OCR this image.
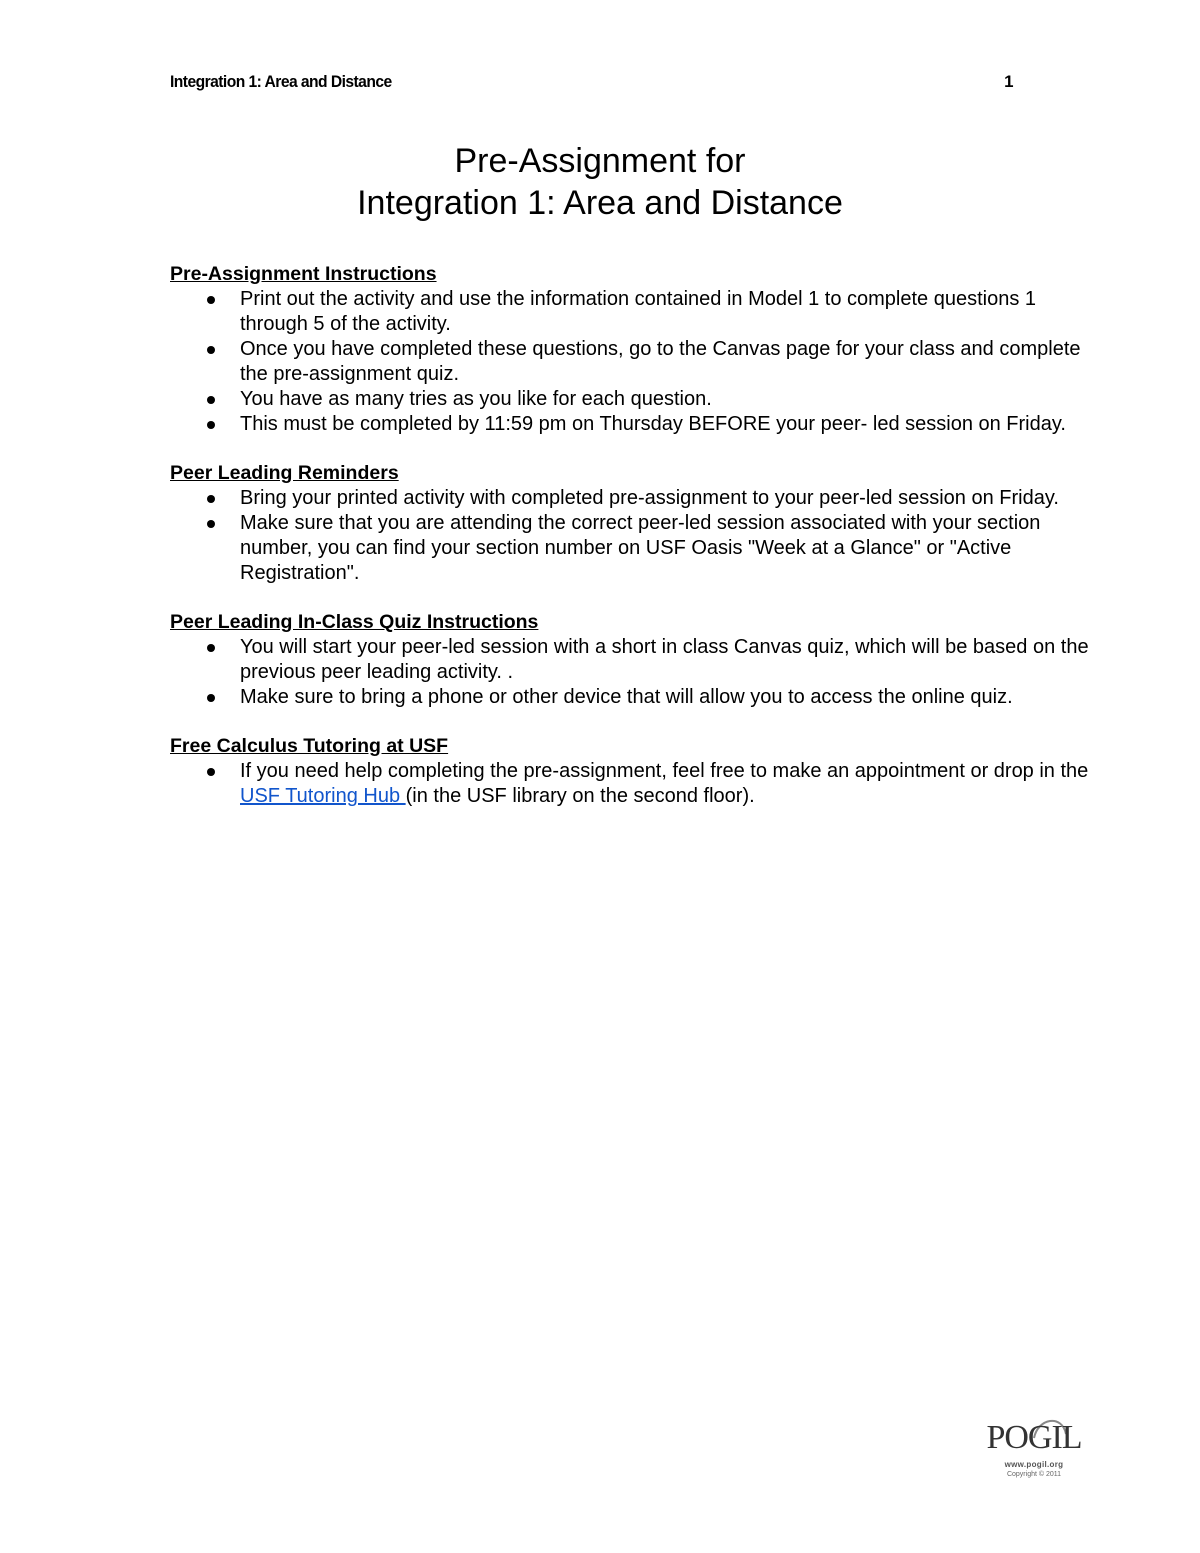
Integration 1: Area and Distance	1
Pre-Assignment for
Integration 1: Area and Distance

Pre-Assignment Instructions

Print out the activity and use the information contained in Model 1 to complete questions 1 through 5 of the activity.
Once you have completed these questions, go to the Canvas page for your class and complete the pre-assignment quiz.
You have as many tries as you like for each question.
This must be completed by 11:59 pm on Thursday BEFORE your peer- led session on Friday.

Peer Leading Reminders

Bring your printed activity with completed pre-assignment to your peer-led session on Friday.
Make sure that you are attending the correct peer-led session associated with your section number, you can find your section number on USF Oasis "Week at a Glance" or "Active Registration".

Peer Leading In-Class Quiz Instructions

You will start your peer-led session with a short in class Canvas quiz, which will be based on the previous peer leading activity. .
Make sure to bring a phone or other device that will allow you to access the online quiz.

Free Calculus Tutoring at USF

If you need help completing the pre-assignment, feel free to make an appointment or drop in the USF Tutoring Hub (in the USF library on the second floor).
POGIL
www.pogil.org
Copyright © 2011
